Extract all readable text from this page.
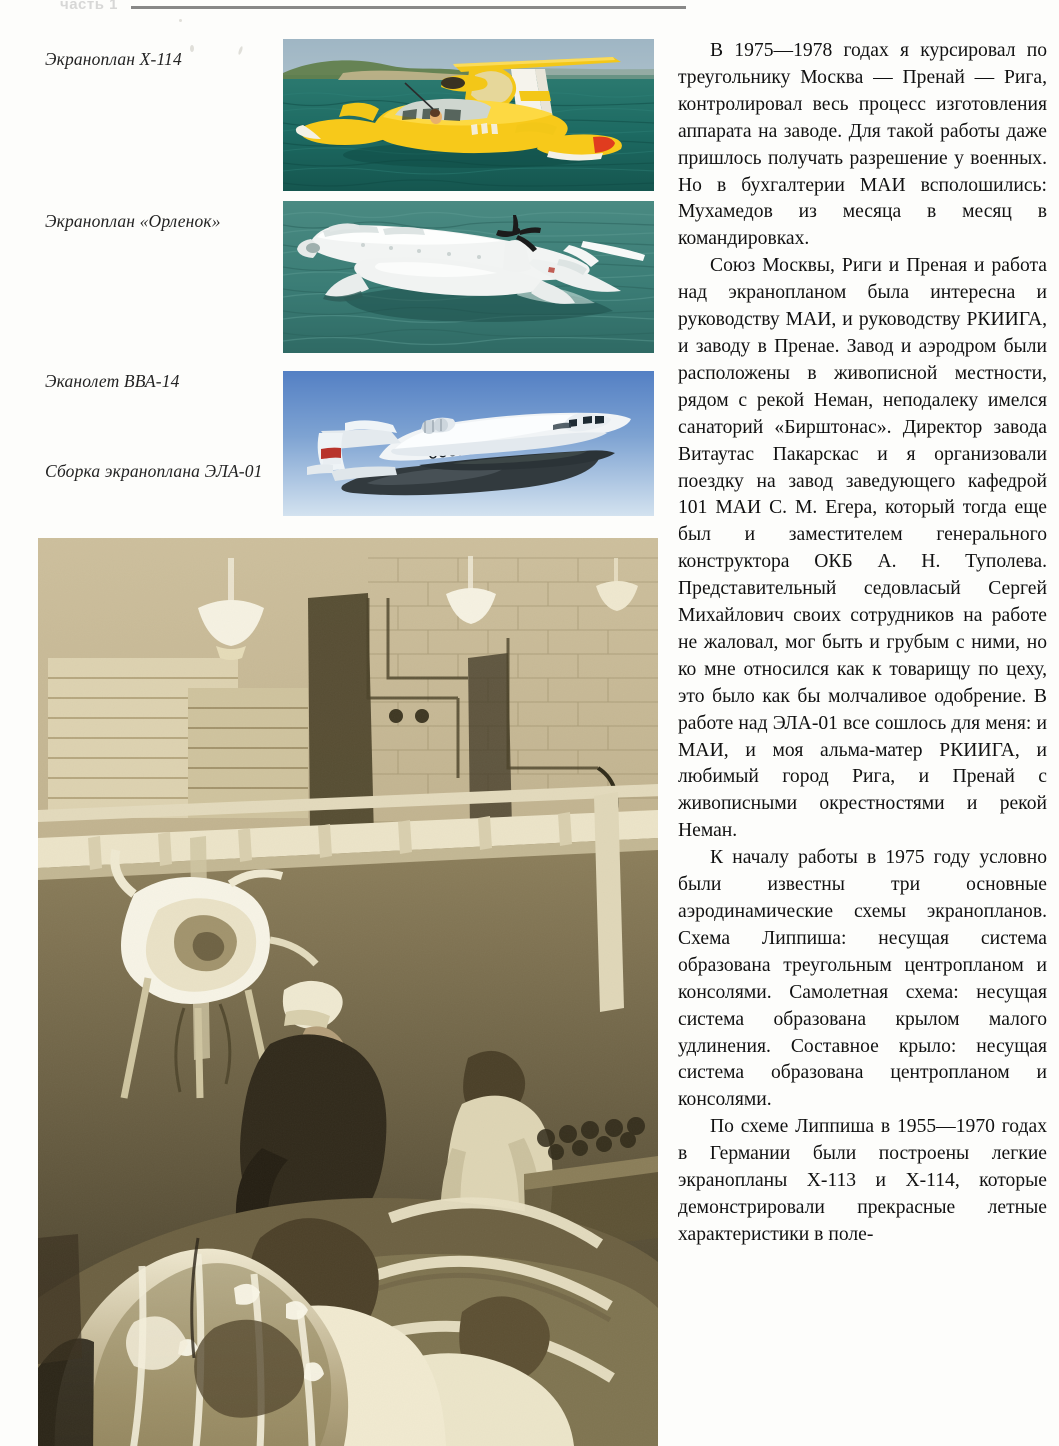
часть 1
Экраноплан Х-114
Экраноплан «Орленок»
Эканолет ВВА-14
Сборка экраноплана ЭЛА-01

В 1975—1978 годах я курсировал по треугольнику Москва — Пренай — Рига, контролировал весь процесс изготовления аппарата на заводе. Для такой работы даже пришлось получать разрешение у военных. Но в бухгалтерии МАИ всполошились: Мухамедов из месяца в месяц в командировках.

Союз Москвы, Риги и Преная и работа над экранопланом была интересна и руководству МАИ, и руководству РКИИГА, и заводу в Пренае. Завод и аэродром были расположены в живописной местности, рядом с рекой Неман, неподалеку имелся санаторий «Бирштонас». Директор завода Витаутас Пакарскас и я организовали поездку на завод заведующего кафедрой 101 МАИ С. М. Егера, который тогда еще был и заместителем генерального конструктора ОКБ А. Н. Туполева. Представительный седовласый Сергей Михайлович своих сотрудников на работе не жаловал, мог быть и грубым с ними, но ко мне относился как к товарищу по цеху, это было как бы молчаливое одобрение. В работе над ЭЛА-01 все сошлось для меня: и МАИ, и моя альма-матер РКИИГА, и любимый город Рига, и Пренай с живописными окрестностями и рекой Неман.

К началу работы в 1975 году условно были известны три основные аэродинамические схемы экранопланов. Схема Липпиша: несущая система образована треугольным центропланом и консолями. Самолетная схема: несущая система образована крылом малого удлинения. Составное крыло: несущая система образована центропланом и консолями.

По схеме Липпиша в 1955—1970 годах в Германии были построены легкие экранопланы Х-113 и Х-114, которые демонстрировали прекрасные летные характеристики в поле-
